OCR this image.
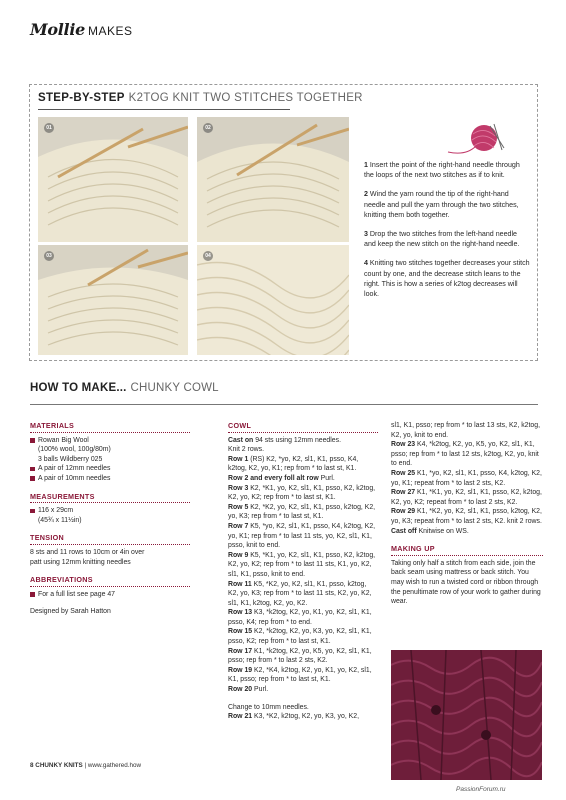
Mollie MAKES
STEP-BY-STEP K2TOG KNIT TWO STITCHES TOGETHER
01	02
03	04

1 Insert the point of the right-hand needle through the loops of the next two stitches as if to knit.

2 Wind the yarn round the tip of the right-hand needle and pull the yarn through the two stitches, knitting them both together.

3 Drop the two stitches from the left-hand needle and keep the new stitch on the right-hand needle.

4 Knitting two stitches together decreases your stitch count by one, and the decrease stitch leans to the right. This is how a series of k2tog decreases will look.

HOW TO MAKE... CHUNKY COWL
MATERIALS
Rowan Big Wool
(100% wool, 100g/80m)
3 balls Wildberry 025
A pair of 12mm needles
A pair of 10mm needles
MEASUREMENTS
116 x 29cm
(45¾ x 11½in)
TENSION
8 sts and 11 rows to 10cm or 4in over patt using 12mm knitting needles
ABBREVIATIONS
For a full list see page 47
Designed by Sarah Hatton
COWL
Cast on 94 sts using 12mm needles.
Knit 2 rows.
Row 1 (RS) K2, *yo, K2, sl1, K1, psso, K4, k2tog, K2, yo, K1; rep from * to last st, K1.
Row 2 and every foll alt row Purl.
Row 3 K2, *K1, yo, K2, sl1, K1, psso, K2, k2tog, K2, yo, K2; rep from * to last st, K1.
Row 5 K2, *K2, yo, K2, sl1, K1, psso, k2tog, K2, yo, K3; rep from * to last st, K1.
Row 7 K5, *yo, K2, sl1, K1, psso, K4, k2tog, K2, yo, K1; rep from * to last 11 sts, yo, K2, sl1, K1, psso, knit to end.
Row 9 K5, *K1, yo, K2, sl1, K1, psso, K2, k2tog, K2, yo, K2; rep from * to last 11 sts, K1, yo, K2, sl1, K1, psso, knit to end.
Row 11 K5, *K2, yo, K2, sl1, K1, psso, k2tog, K2, yo, K3; rep from * to last 11 sts, K2, yo, K2, sl1, K1, k2tog, K2, yo, K2.
Row 13 K3, *k2tog, K2, yo, K1, yo, K2, sl1, K1, psso, K4; rep from * to end.
Row 15 K2, *k2tog, K2, yo, K3, yo, K2, sl1, K1, psso, K2; rep from * to last st, K1.
Row 17 K1, *k2tog, K2, yo, K5, yo, K2, sl1, K1, psso; rep from * to last 2 sts, K2.
Row 19 K2, *K4, k2tog, K2, yo, K1, yo, K2, sl1, K1, psso; rep from * to last st, K1.
Row 20 Purl.
Change to 10mm needles.
Row 21 K3, *K2, k2tog, K2, yo, K3, yo, K2,
sl1, K1, psso; rep from * to last 13 sts, K2, k2tog, K2, yo, knit to end.
Row 23 K4, *k2tog, K2, yo, K5, yo, K2, sl1, K1, psso; rep from * to last 12 sts, k2tog, K2, yo, knit to end.
Row 25 K1, *yo, K2, sl1, K1, psso, K4, k2tog, K2, yo, K1; repeat from * to last 2 sts, K2.
Row 27 K1, *K1, yo, K2, sl1, K1, psso, K2, k2tog, K2, yo, K2; repeat from * to last 2 sts, K2.
Row 29 K1, *K2, yo, K2, sl1, K1, psso, k2tog, K2, yo, K3; repeat from * to last 2 sts, K2. knit 2 rows.
Cast off Knitwise on WS.
MAKING UP
Taking only half a stitch from each side, join the back seam using mattress or back stitch. You may wish to run a twisted cord or ribbon through the penultimate row of your work to gather during wear.
8 CHUNKY KNITS | www.gathered.how
PassionForum.ru
